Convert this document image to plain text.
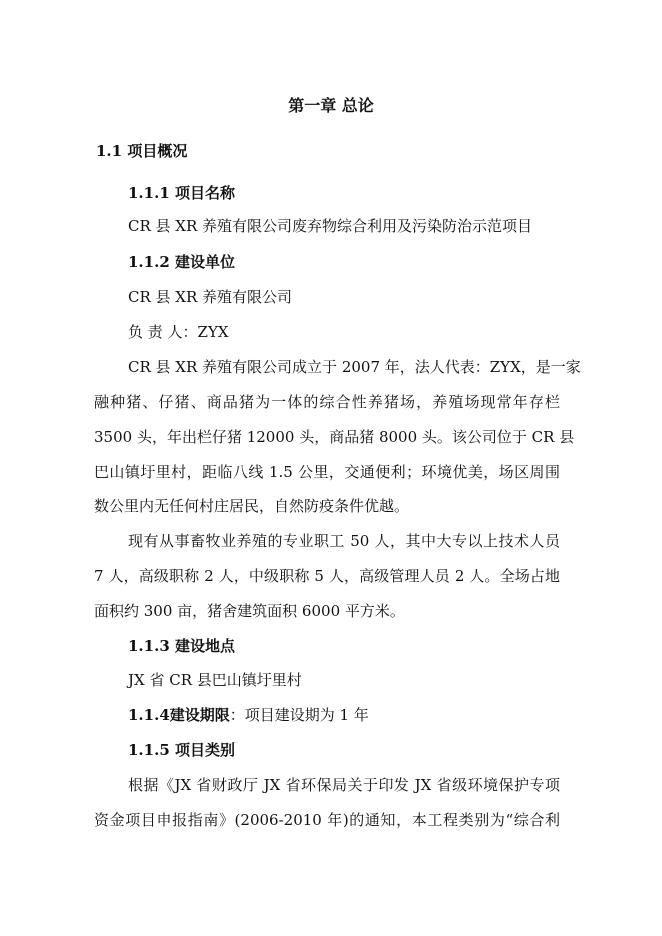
第一章 总论
1.1 项目概况
1.1.1 项目名称
CR 县 XR 养殖有限公司废弃物综合利用及污染防治示范项目
1.1.2 建设单位
CR 县 XR 养殖有限公司
负 责 人：ZYX
CR 县 XR 养殖有限公司成立于 2007 年，法人代表：ZYX，是一家
融种猪、仔猪、商品猪为一体的综合性养猪场，养殖场现常年存栏
3500 头，年出栏仔猪 12000 头，商品猪 8000 头。该公司位于 CR 县
巴山镇圩里村，距临八线 1.5 公里，交通便利；环境优美，场区周围
数公里内无任何村庄居民，自然防疫条件优越。
现有从事畜牧业养殖的专业职工 50 人，其中大专以上技术人员
7 人，高级职称 2 人，中级职称 5 人，高级管理人员 2 人。全场占地
面积约 300 亩，猪舍建筑面积 6000 平方米。
1.1.3 建设地点
JX 省 CR 县巴山镇圩里村
1.1.4建设期限：项目建设期为 1 年
1.1.5 项目类别
根据《JX 省财政厅 JX 省环保局关于印发 JX 省级环境保护专项
资金项目申报指南》(2006-2010 年)的通知，本工程类别为“综合利
